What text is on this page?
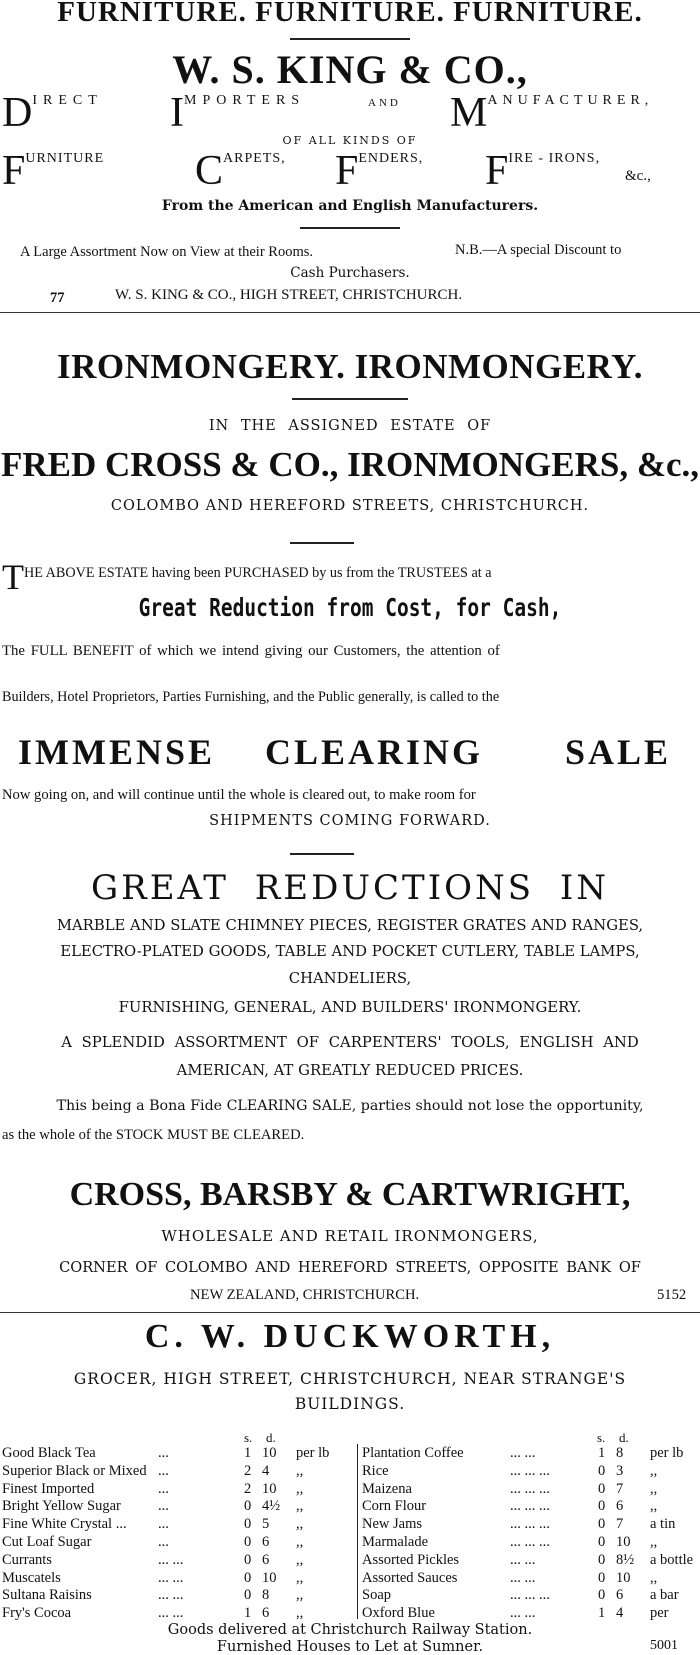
FURNITURE. FURNITURE. FURNITURE.
W. S. KING & CO.,
DIRECT IMPORTERS	AND MANUFACTURER,
OF ALL KINDS OF
FURNITURE CARPETS, FENDERS, FIRE - IRONS,
&c.,
From the American and English Manufacturers.
A Large Assortment Now on View at their Rooms.	N.B.—A special Discount to
Cash Purchasers.
77	W. S. KING & CO., HIGH STREET, CHRISTCHURCH.
IRONMONGERY. IRONMONGERY.
IN THE ASSIGNED ESTATE OF
FRED CROSS & CO., IRONMONGERS, &c.,
COLOMBO AND HEREFORD STREETS, CHRISTCHURCH.
THE ABOVE ESTATE having been PURCHASED by us from the TRUSTEES at a
Great Reduction from Cost, for Cash,
The FULL BENEFIT of which we intend giving our Customers, the attention of
Builders, Hotel Proprietors, Parties Furnishing, and the Public generally, is called to the
IMMENSE CLEARING SALE
Now going on, and will continue until the whole is cleared out, to make room for
SHIPMENTS COMING FORWARD.
GREAT REDUCTIONS IN
MARBLE AND SLATE CHIMNEY PIECES, REGISTER GRATES AND RANGES,
ELECTRO-PLATED GOODS, TABLE AND POCKET CUTLERY, TABLE LAMPS,
CHANDELIERS,
FURNISHING, GENERAL, AND BUILDERS' IRONMONGERY.
A SPLENDID ASSORTMENT OF CARPENTERS' TOOLS, ENGLISH AND
AMERICAN, AT GREATLY REDUCED PRICES.
This being a Bona Fide CLEARING SALE, parties should not lose the opportunity,
as the whole of the STOCK MUST BE CLEARED.
CROSS, BARSBY & CARTWRIGHT,
WHOLESALE AND RETAIL IRONMONGERS,
CORNER OF COLOMBO AND HEREFORD STREETS, OPPOSITE BANK OF
NEW ZEALAND, CHRISTCHURCH.	5152
C. W. DUCKWORTH,
GROCER, HIGH STREET, CHRISTCHURCH, NEAR STRANGE'S
BUILDINGS.
s. d.	s. d.
Good Black Tea	...	1 10 per lb
Superior Black or Mixed ...	2 4 ,,
Finest Imported	...	2 10 ,,
Bright Yellow Sugar	...	0 4½ ,,
Fine White Crystal ... ...	0 5 ,,
Cut Loaf Sugar	...	0 6 ,,
Currants	... ...	0 6 ,,
Muscatels	... ...	0 10 ,,
Sultana Raisins	... ...	0 8 ,,
Fry's Cocoa	... ...	1 6 ,,
Plantation Coffee	... ...	1 8 per lb
Rice	... ... ...	0 3 ,,
Maizena	... ... ...	0 7 ,,
Corn Flour	... ... ...	0 6 ,,
New Jams	... ... ...	0 7 a tin
Marmalade	... ... ...	0 10 ,,
Assorted Pickles	... ...	0 8½ a bottle
Assorted Sauces	... ...	0 10 ,,
Soap	... ... ...	0 6 a bar
Oxford Blue	... ...	1 4 per
Goods delivered at Christchurch Railway Station.
Furnished Houses to Let at Sumner.	5001
